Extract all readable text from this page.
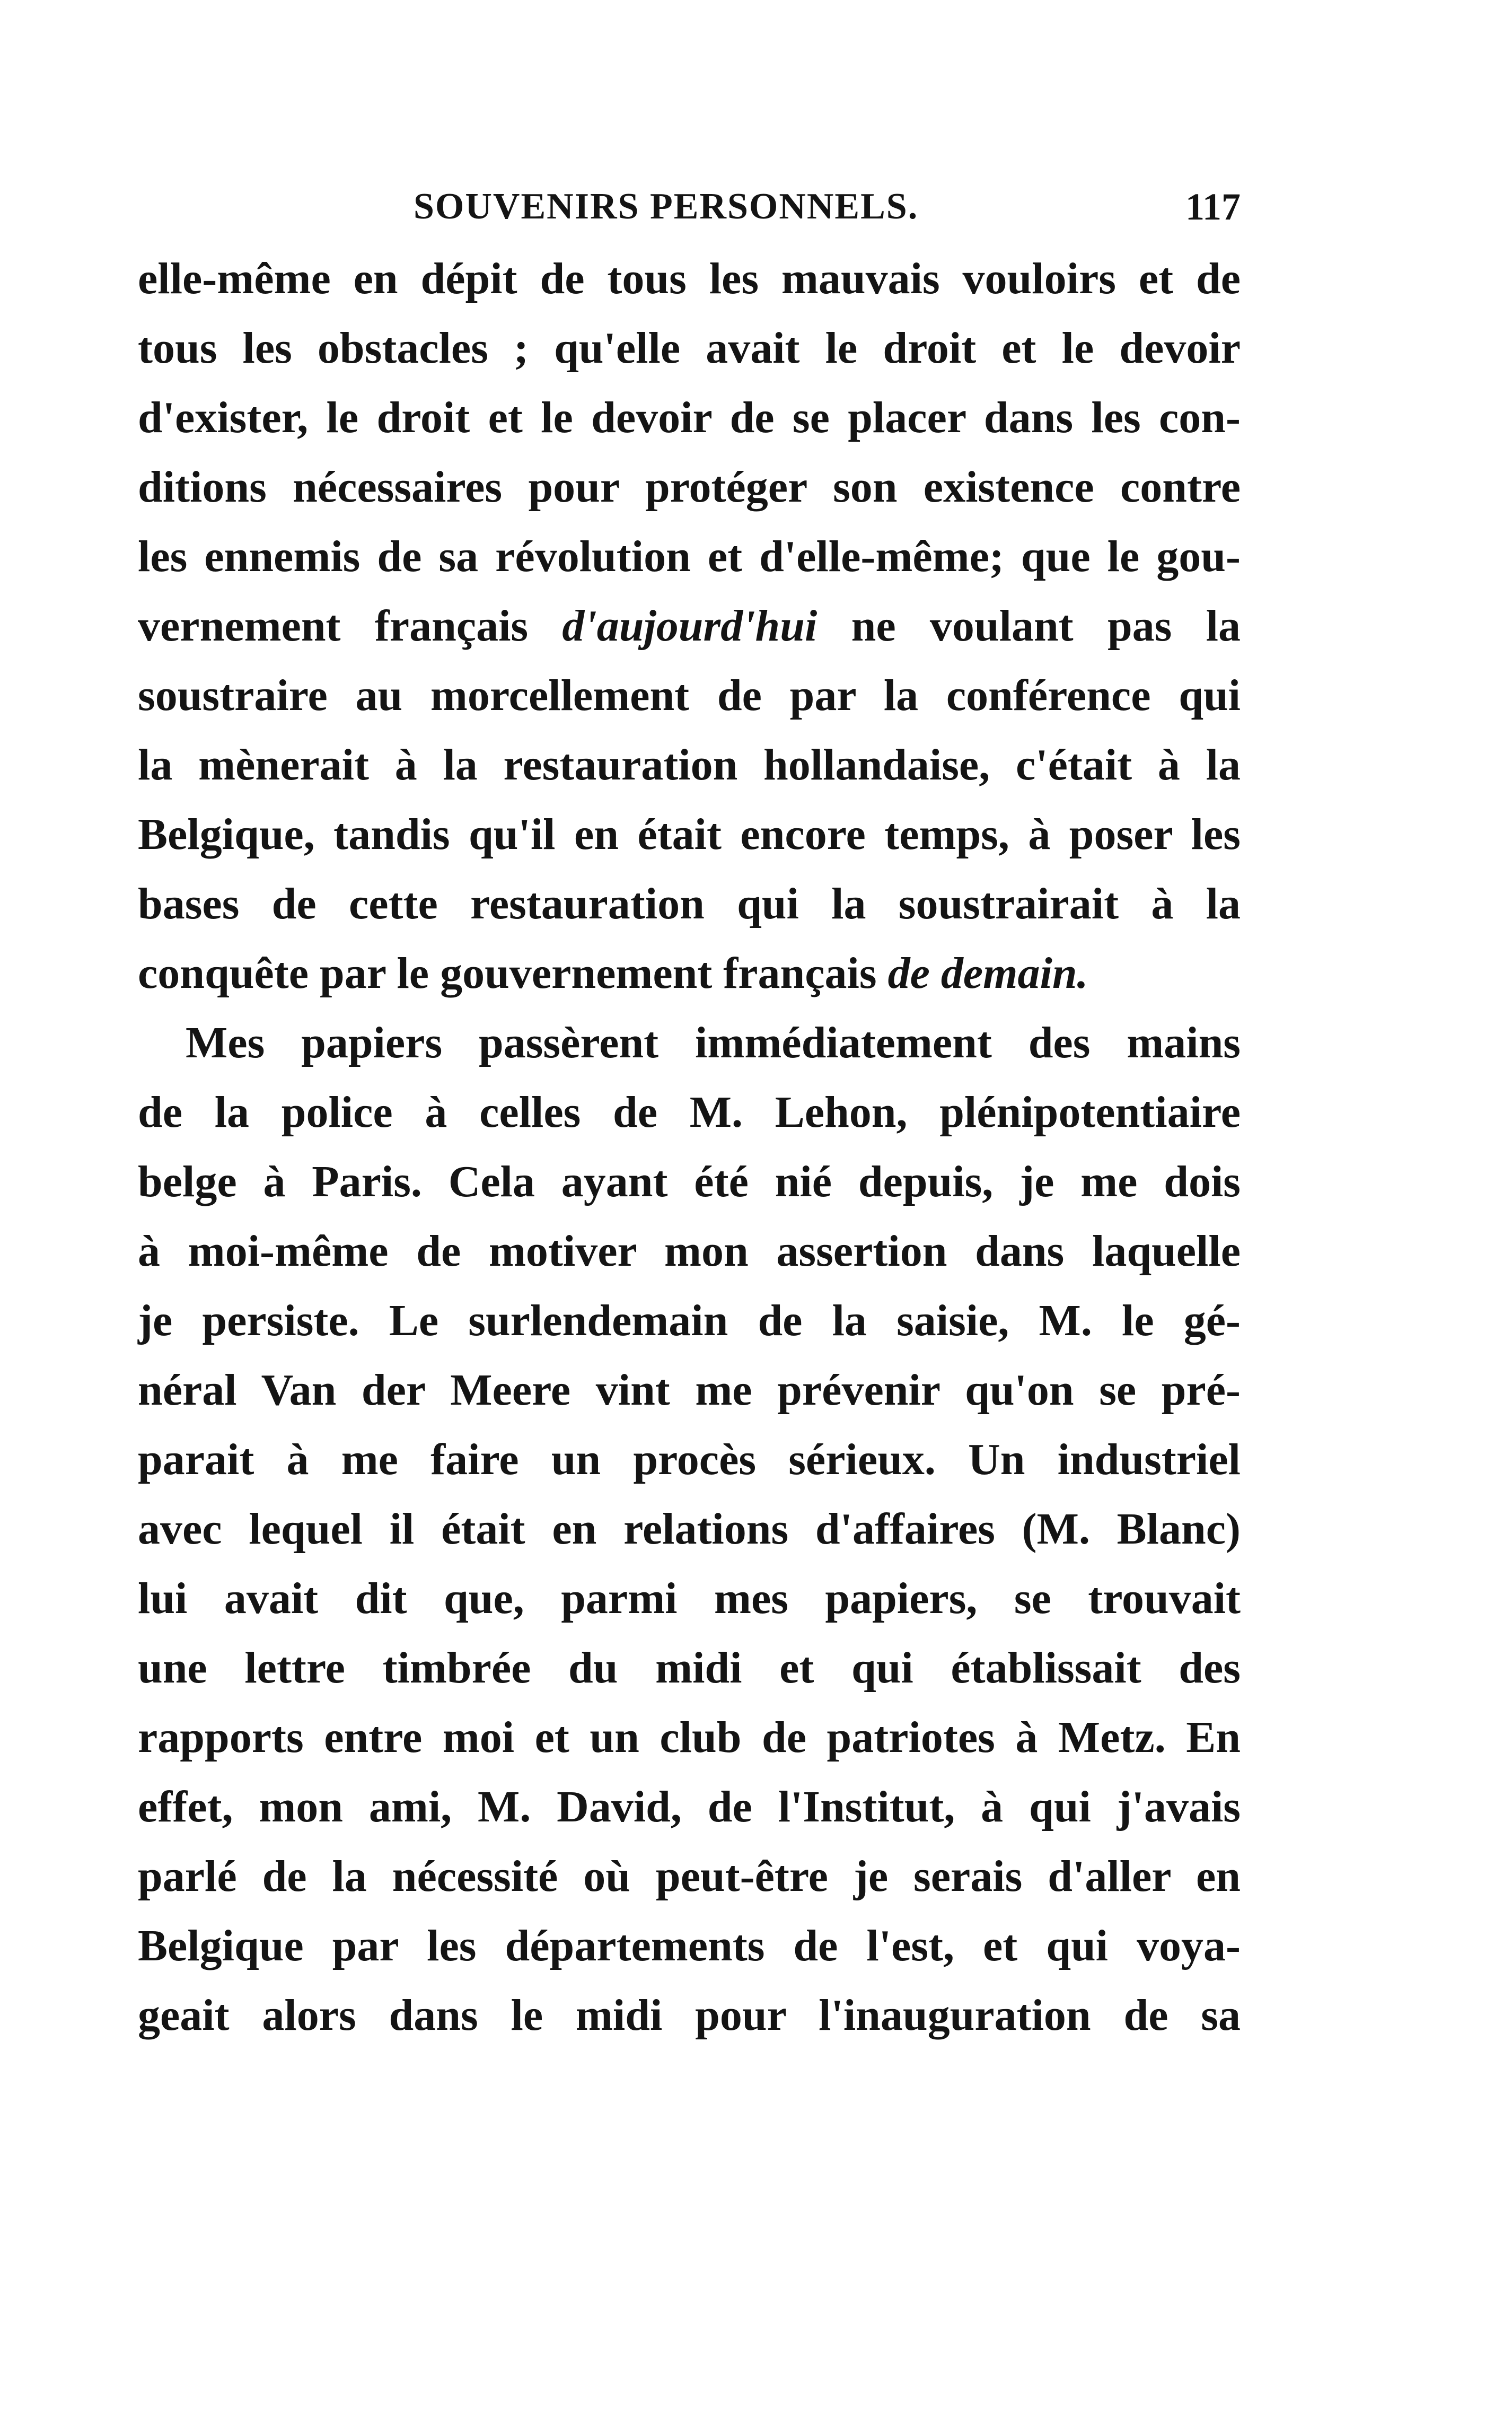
SOUVENIRS PERSONNELS.	117
elle-même en dépit de tous les mauvais vouloirs et de
tous les obstacles ; qu'elle avait le droit et le devoir
d'exister, le droit et le devoir de se placer dans les con-
ditions nécessaires pour protéger son existence contre
les ennemis de sa révolution et d'elle-même; que le gou-
vernement français d'aujourd'hui ne voulant pas la
soustraire au morcellement de par la conférence qui
la mènerait à la restauration hollandaise, c'était à la
Belgique, tandis qu'il en était encore temps, à poser les
bases de cette restauration qui la soustrairait à la
conquête par le gouvernement français de demain.
Mes papiers passèrent immédiatement des mains
de la police à celles de M. Lehon, plénipotentiaire
belge à Paris. Cela ayant été nié depuis, je me dois
à moi-même de motiver mon assertion dans laquelle
je persiste. Le surlendemain de la saisie, M. le gé-
néral Van der Meere vint me prévenir qu'on se pré-
parait à me faire un procès sérieux. Un industriel
avec lequel il était en relations d'affaires (M. Blanc)
lui avait dit que, parmi mes papiers, se trouvait
une lettre timbrée du midi et qui établissait des
rapports entre moi et un club de patriotes à Metz. En
effet, mon ami, M. David, de l'Institut, à qui j'avais
parlé de la nécessité où peut-être je serais d'aller en
Belgique par les départements de l'est, et qui voya-
geait alors dans le midi pour l'inauguration de sa
